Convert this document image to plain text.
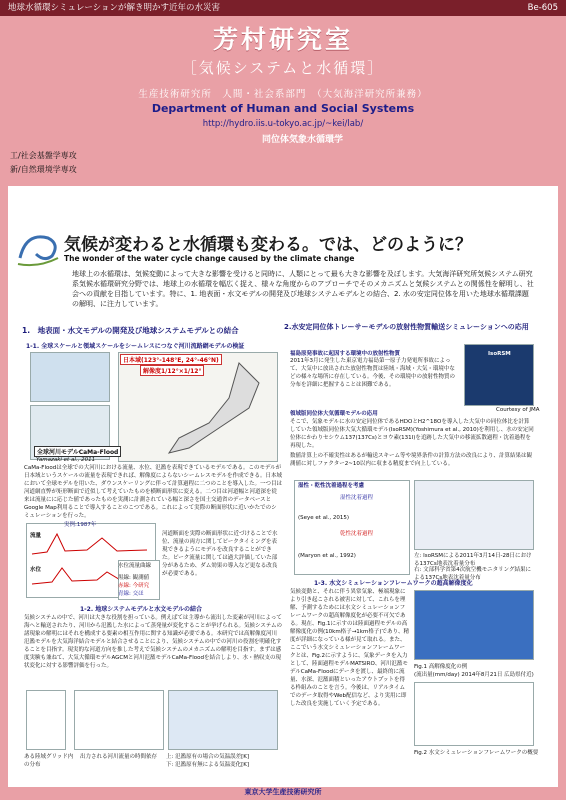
地球水循環シミュレーションが解き明かす近年の水災害	Be-605
芳村研究室
［気候システムと水循環］
生産技術研究所　人間・社会系部門　（大気海洋研究所兼務）
Department of Human and Social Systems
http://hydro.iis.u-tokyo.ac.jp/~kei/lab/
同位体気象水循環学
工/社会基盤学専攻
新/自然環境学専攻
気候が変わると水循環も変わる。では、どのように？
The wonder of the water cycle change caused by the climate change
地球上の水循環は、気候変動によって大きな影響を受けると同時に、人類にとって最も大きな影響を及ぼします。大気海洋研究所気候システム研究系気候水循環研究分野では、地球上の水循環を幅広く捉え、様々な角度からのアプローチでそのメカニズムと気候システムとの関係性を解明し、社会への貢献を目指しています。特に、1. 地表面・水文モデルの開発及び地球システムモデルとの結合、2. 水の安定同位体を用いた地球水循環課題の解明、に注力しています。
1.　地表面・水文モデルの開発及び地球システムモデルとの結合
1-1. 全球スケールと領域スケールをシームレスにつなぐ河川流路網モデルの検証
日本域(123°-148°E, 24°-46°N)
解像度1/12°×1/12°
全球河川モデルCaMa-Flood
Yamazaki et al., 2011
CaMa-Floodは全球での大河川における流量、水位、氾濫を表現できているモデルである。このモデルが日本域というスケールの流量を表現できれば、解像度によらないシームレスモデルを作成できる。日本域において全球モデルを用いた、ダウンスケーリングに伴って計算過程に二つのことを導入した。一つ目は河道網直弊が矩形断面で近似して考えていたものを横断面形状に変える。二つ目は河道幅と河道深を従来は流量にに応じた値であったものを実測に計測されている幅と深さを国土交通省のデータベースとGoogle Map利用ることで導入することのこつである。これによって実際の断面形状に近いかたでのシミュレーションを行った。
実例:1987年
流量
水位
水位流量曲線
黒線: 観測値
赤線: 今研究
青線: 交ほ
河道断面を実際の断面形状に近づけることで水位、流量の両方に関してピークタイミングを表現できるようにモデルを改良することができた。ピーク流量に関しては過大評価していた部分があるため、ダム効果の導入など更なる改良が必要である。
1-2. 地球システムモデルと水文モデルの結合
気候システムの中で、河川は大きな役割を担っている。例えばては主導から流出した変素が河川によって海へと輸送されたり、河川から氾濫した水によって蒸発量が変化することが挙げられる。気候システムの諸現象の解明にはそれを構成する要素の相互作用に関する知識が必要である。本研究では高解像度河川氾濫モデルを大気海洋結合モデルと結合させることにより、気候システムの中での河川の役割を明確化することを目指す。現実的な河道方向を推した考えで気候システムのメカニズムの解明を目指す。まずは感度実験も兼ねて、大気大循環モデルAGCMと河川氾濫モデルCaMa-Floodを結合しより、水・熱収支の現状変化に対する影響評価を行った。
ある陸域グリッド内の分布
出力される河川流量の時間依存 上: 氾濫原有の場合の気温誤差[K]
下: 氾濫原有無による気温変化[K]
2.水安定同位体トレーサーモデルの放射性物質輸送シミュレーションへの応用
福島原発事故に起因する環境中の放射性物質
2011年3月に発生した東京電力福島第一原子力発電所事故によって、大気中に放出された放射性物質は陸域・海域・大気・環境中などの様々な場所に存在している。今後、その環境中の放射性物質の分布を詳細に把握することは困難である。
IsoRSM
Courtesy of JMA
領域版同位体大気循環モデルの応用
そこで、気象モデルに水の安定同位体であるHDOとH2^18Oを導入した大気中の同位体比を計算していた領域版同位体大気大循環モデル(IsoRSM)(Yoshimura et al., 2010)を利用し、水の安定同位体にかわりセシウム137(137Cs)とヨウ素(131I)を追跡した大気中の移流拡散過程・沈着過程を再現した。
数値計算上の不確実性はあるが輸送スキーム等や境界条件の計算方法の改良により、計算結果は観測値に対しファクター2~10以内に収まる精度まで向上している。
湿性・乾性沈着過程を考慮
湿性沈着過程
(Seye et al., 2015)
乾性沈着過程
(Maryon et al., 1992)	左: IsoRSMによる2011年3月14日-28日における137Cs地表沈着量分布
右: 文部科学省第4次航空機モニタリング結果による137Cs地表沈着量分布
1-3. 水文シミュレーションフレームワークの超高解像度化
気候変動と、それに伴う異常気象、極端現象により引き起こされる被害に対して、これらを理解、予測するためには水文シミュレーションフレームワークの超高解像度化が必要不可欠である。現在、Fig.1に示すのは陸面過程モデルの高解像度化の例(10km格子→1km格子)であり、精度が詳細になっている様が見て取れる。また、ここでいう水文シミュレーションフレームワークとは、Fig.2に示すように、気象データを入力として、陸面過程モデルMATSIRO、河川氾濫モデルCaMa-Floodにデータを渡し、最終的に流量、水深、氾濫面積といったアウトプットを得る枠組みのことを言う。今後は、リアルタイムでのデータ取得やWeb配信など、より実用に即した改良を実施していく予定である。
Fig.1 高解像度化の例
(流出量(mm/day) 2014年8月21日 広島県付近)
Fig.2 水文シミュレーションフレームワークの概要
東京大学生産技術研究所
